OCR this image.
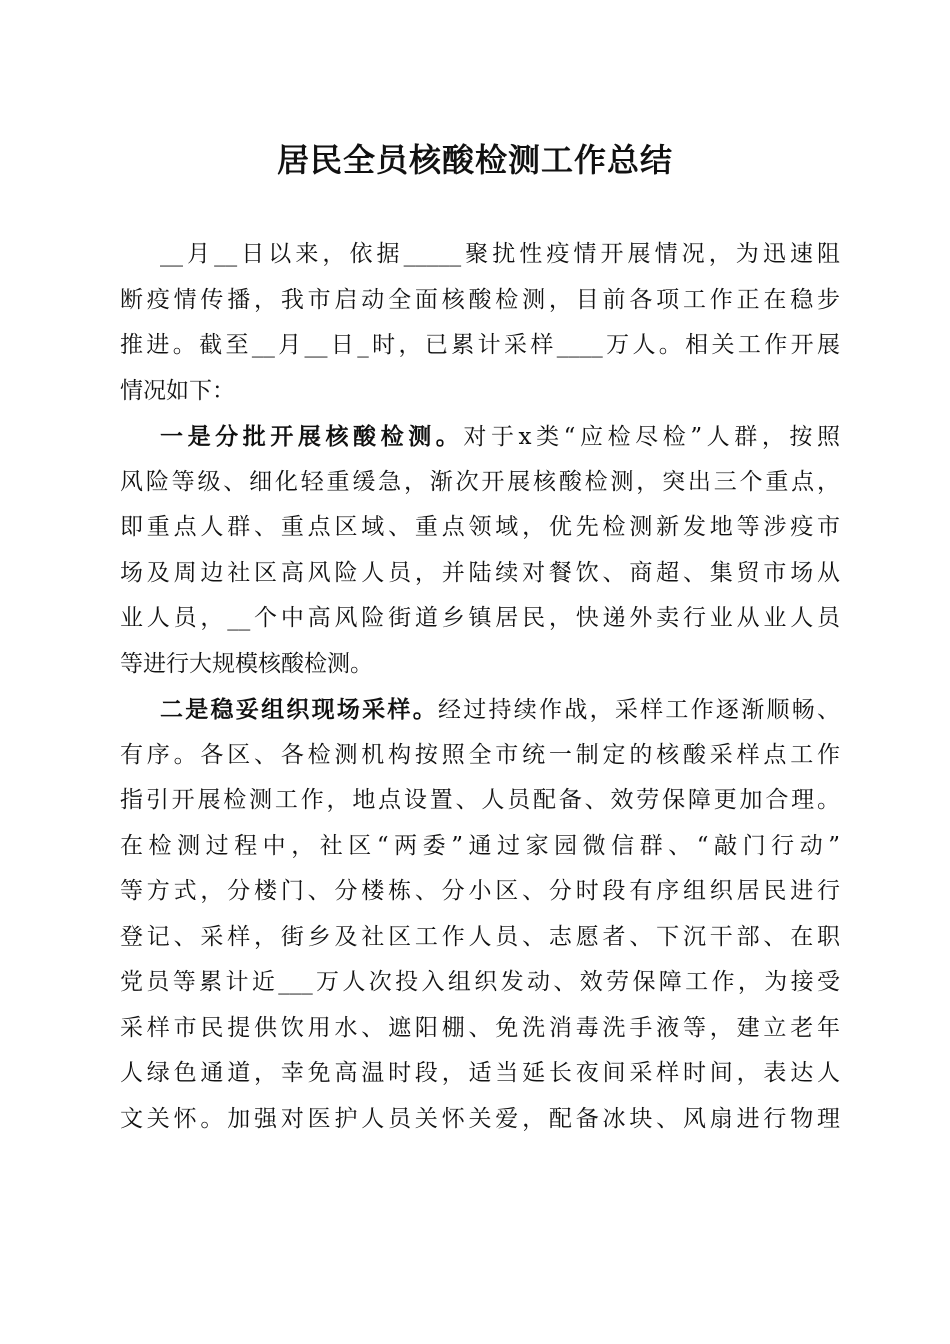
居民全员核酸检测工作总结
__月__日以来，依据_____聚扰性疫情开展情况，为迅速阻
断疫情传播，我市启动全面核酸检测，目前各项工作正在稳步
推进。截至__月__日_时，已累计采样____万人。相关工作开展
情况如下：
一是分批开展核酸检测。对于x类“应检尽检”人群，按照
风险等级、细化轻重缓急，渐次开展核酸检测，突出三个重点，
即重点人群、重点区域、重点领域，优先检测新发地等涉疫市
场及周边社区高风险人员，并陆续对餐饮、商超、集贸市场从
业人员，__个中高风险街道乡镇居民，快递外卖行业从业人员
等进行大规模核酸检测。
二是稳妥组织现场采样。经过持续作战，采样工作逐渐顺畅、
有序。各区、各检测机构按照全市统一制定的核酸采样点工作
指引开展检测工作，地点设置、人员配备、效劳保障更加合理。
在检测过程中，社区“两委”通过家园微信群、“敲门行动”
等方式，分楼门、分楼栋、分小区、分时段有序组织居民进行
登记、采样，街乡及社区工作人员、志愿者、下沉干部、在职
党员等累计近___万人次投入组织发动、效劳保障工作，为接受
采样市民提供饮用水、遮阳棚、免洗消毒洗手液等，建立老年
人绿色通道，幸免高温时段，适当延长夜间采样时间，表达人
文关怀。加强对医护人员关怀关爱，配备冰块、风扇进行物理
